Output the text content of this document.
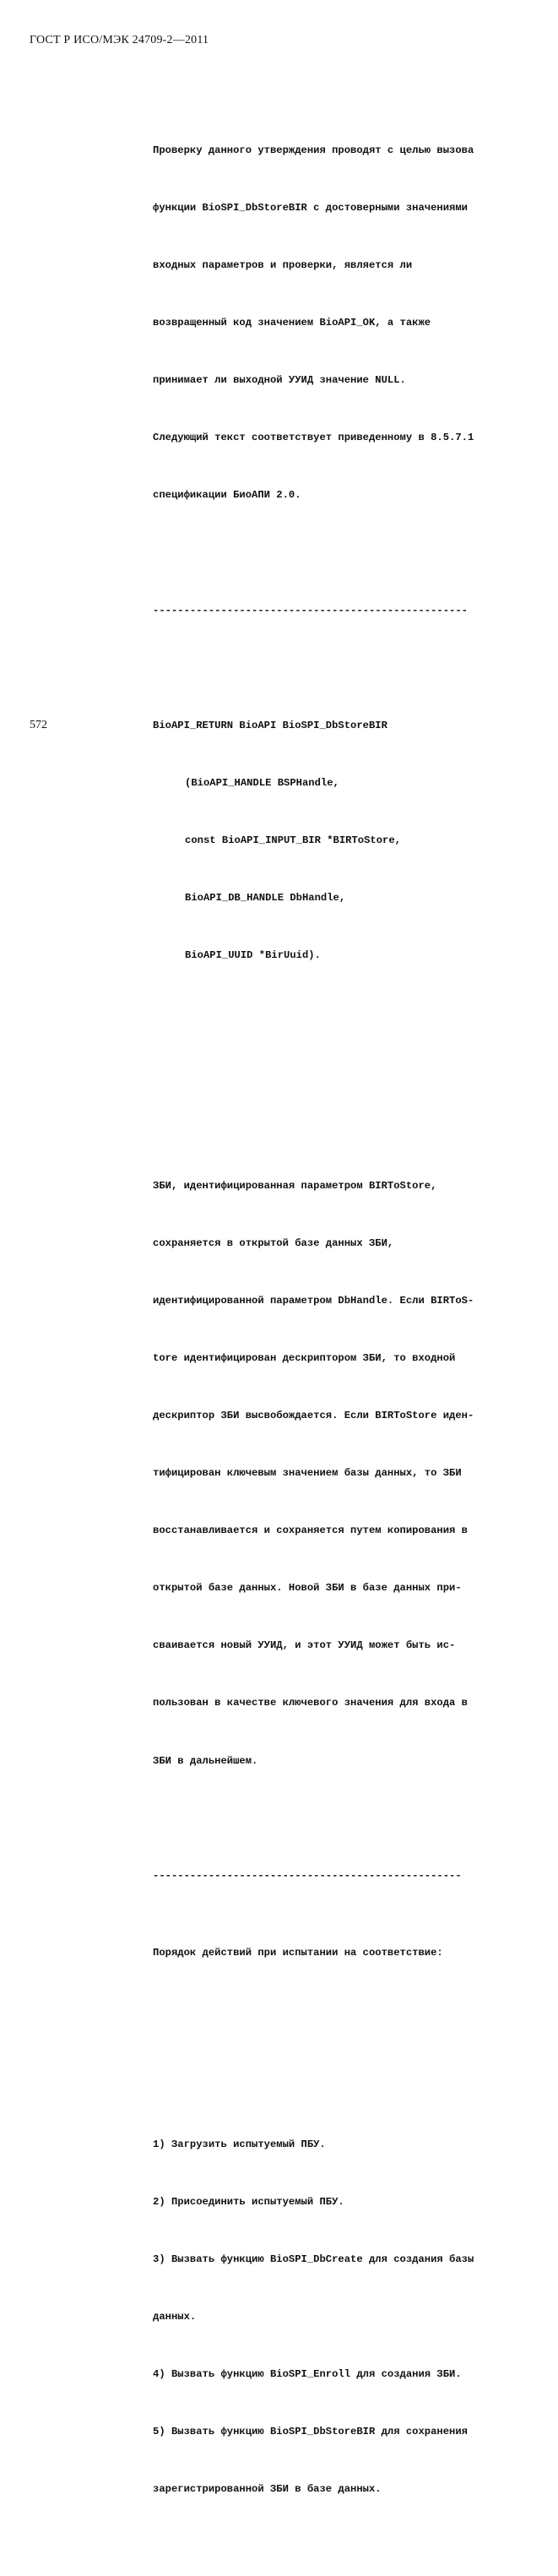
ГОСТ Р ИСО/МЭК 24709-2—2011

Проверку данного утверждения проводят с целью вызова

функции BioSPI_DbStoreBIR с достоверными значениями

входных параметров и проверки, является ли

возвращенный код значением BioAPI_OK, а также

принимает ли выходной УУИД значение NULL.

Следующий текст соответствует приведенному в 8.5.7.1

спецификации БиоАПИ 2.0.

---------------------------------------------------

BioAPI_RETURN BioAPI BioSPI_DbStoreBIR

(BioAPI_HANDLE BSPHandle,

const BioAPI_INPUT_BIR *BIRToStore,

BioAPI_DB_HANDLE DbHandle,

BioAPI_UUID *BirUuid).

ЗБИ, идентифицированная параметром BIRToStore,

сохраняется в открытой базе данных ЗБИ,

идентифицированной параметром DbHandle. Если BIRToS-

tore идентифицирован дескриптором ЗБИ, то входной

дескриптор ЗБИ высвобождается. Если BIRToStore иден-

тифицирован ключевым значением базы данных, то ЗБИ

восстанавливается и сохраняется путем копирования в

открытой базе данных. Новой ЗБИ в базе данных при-

сваивается новый УУИД, и этот УУИД может быть ис-

пользован в качестве ключевого значения для входа в

ЗБИ в дальнейшем.

--------------------------------------------------

Порядок действий при испытании на соответствие:

1) Загрузить испытуемый ПБУ.

2) Присоединить испытуемый ПБУ.

3) Вызвать функцию BioSPI_DbCreate для создания базы

данных.

4) Вызвать функцию BioSPI_Enroll для создания ЗБИ.

5) Вызвать функцию BioSPI_DbStoreBIR для сохранения

зарегистрированной ЗБИ в базе данных.

572
